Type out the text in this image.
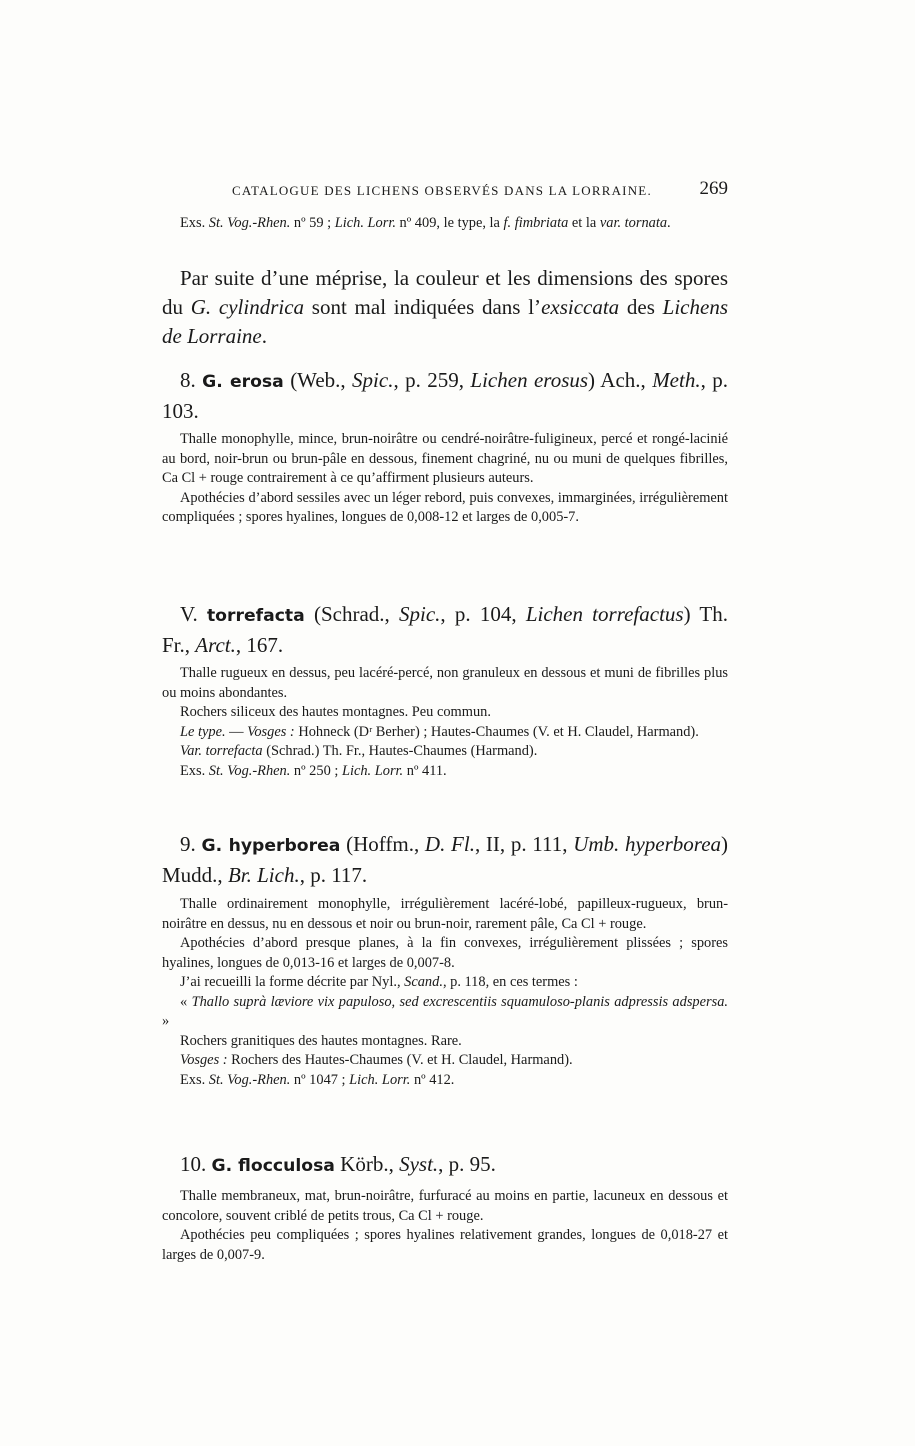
CATALOGUE DES LICHENS OBSERVÉS DANS LA LORRAINE.	269

Exs. St. Vog.-Rhen. nº 59 ; Lich. Lorr. nº 409, le type, la f. fimbriata et la var. tornata.

Par suite d’une méprise, la couleur et les dimensions des spores du G. cylindrica sont mal indiquées dans l’exsiccata des Lichens de Lorraine.

8. G. erosa (Web., Spic., p. 259, Lichen erosus) Ach., Meth., p. 103.

Thalle monophylle, mince, brun-noirâtre ou cendré-noirâtre-fuligineux, percé et rongé-lacinié au bord, noir-brun ou brun-pâle en dessous, finement chagriné, nu ou muni de quelques fibrilles, Ca Cl + rouge contrairement à ce qu’affirment plusieurs auteurs.

Apothécies d’abord sessiles avec un léger rebord, puis convexes, immarginées, irrégulièrement compliquées ; spores hyalines, longues de 0,008-12 et larges de 0,005-7.

V. torrefacta (Schrad., Spic., p. 104, Lichen torrefactus) Th. Fr., Arct., 167.

Thalle rugueux en dessus, peu lacéré-percé, non granuleux en dessous et muni de fibrilles plus ou moins abondantes.

Rochers siliceux des hautes montagnes. Peu commun.

Le type. — Vosges : Hohneck (Dʳ Berher) ; Hautes-Chaumes (V. et H. Claudel, Harmand).

Var. torrefacta (Schrad.) Th. Fr., Hautes-Chaumes (Harmand).

Exs. St. Vog.-Rhen. nº 250 ; Lich. Lorr. nº 411.

9. G. hyperborea (Hoffm., D. Fl., II, p. 111, Umb. hyperborea) Mudd., Br. Lich., p. 117.

Thalle ordinairement monophylle, irrégulièrement lacéré-lobé, papilleux-rugueux, brun-noirâtre en dessus, nu en dessous et noir ou brun-noir, rarement pâle, Ca Cl + rouge.

Apothécies d’abord presque planes, à la fin convexes, irrégulièrement plissées ; spores hyalines, longues de 0,013-16 et larges de 0,007-8.

J’ai recueilli la forme décrite par Nyl., Scand., p. 118, en ces termes :

« Thallo suprà læviore vix papuloso, sed excrescentiis squamuloso-planis adpressis adspersa. »

Rochers granitiques des hautes montagnes. Rare.

Vosges : Rochers des Hautes-Chaumes (V. et H. Claudel, Harmand).

Exs. St. Vog.-Rhen. nº 1047 ; Lich. Lorr. nº 412.

10. G. flocculosa Körb., Syst., p. 95.

Thalle membraneux, mat, brun-noirâtre, furfuracé au moins en partie, lacuneux en dessous et concolore, souvent criblé de petits trous, Ca Cl + rouge.

Apothécies peu compliquées ; spores hyalines relativement grandes, longues de 0,018-27 et larges de 0,007-9.
